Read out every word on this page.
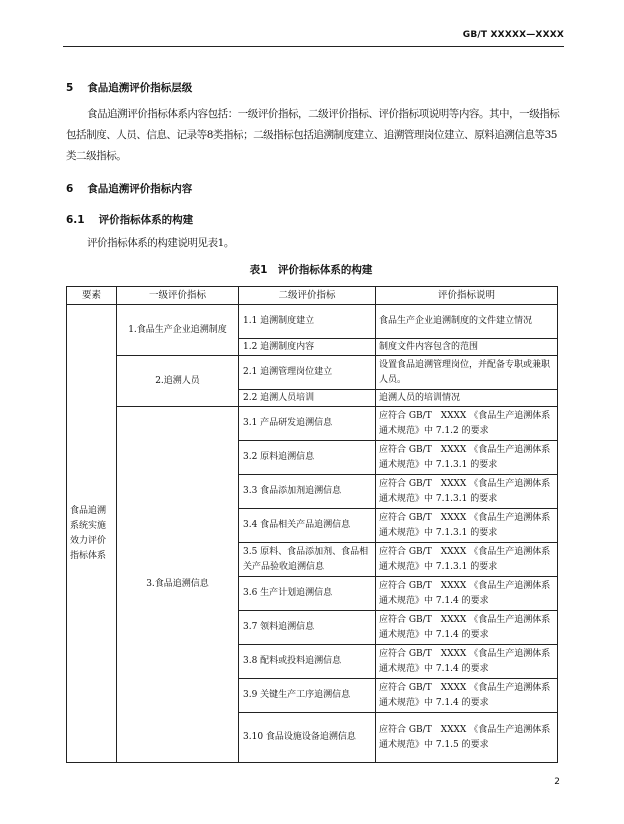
GB/T XXXXX—XXXX
5 食品追溯评价指标层级

食品追溯评价指标体系内容包括：一级评价指标，二级评价指标、评价指标项说明等内容。其中，一级指标包括制度、人员、信息、记录等8类指标；二级指标包括追溯制度建立、追溯管理岗位建立、原料追溯信息等35类二级指标。

6 食品追溯评价指标内容
6.1 评价指标体系的构建

评价指标体系的构建说明见表1。

表1　评价指标体系的构建
要素	一级评价指标	二级评价指标	评价指标说明
食品追溯系统实施效力评价指标体系	1.食品生产企业追溯制度	1.1 追溯制度建立	食品生产企业追溯制度的文件建立情况
		1.2 追溯制度内容	制度文件内容包含的范围
	2.追溯人员	2.1 追溯管理岗位建立	设置食品追溯管理岗位，并配备专职或兼职人员。
		2.2 追溯人员培训	追溯人员的培训情况
	3.食品追溯信息	3.1 产品研发追溯信息	应符合 GB/T　XXXX 《食品生产追溯体系通术规范》中 7.1.2 的要求
		3.2 原料追溯信息	应符合 GB/T　XXXX 《食品生产追溯体系通术规范》中 7.1.3.1 的要求
		3.3 食品添加剂追溯信息	应符合 GB/T　XXXX 《食品生产追溯体系通术规范》中 7.1.3.1 的要求
		3.4 食品相关产品追溯信息	应符合 GB/T　XXXX 《食品生产追溯体系通术规范》中 7.1.3.1 的要求
		3.5 原料、食品添加剂、食品相关产品验收追溯信息	应符合 GB/T　XXXX 《食品生产追溯体系通术规范》中 7.1.3.1 的要求
		3.6 生产计划追溯信息	应符合 GB/T　XXXX 《食品生产追溯体系通术规范》中 7.1.4 的要求
		3.7 领料追溯信息	应符合 GB/T　XXXX 《食品生产追溯体系通术规范》中 7.1.4 的要求
		3.8 配料或投料追溯信息	应符合 GB/T　XXXX 《食品生产追溯体系通术规范》中 7.1.4 的要求
		3.9 关键生产工序追溯信息	应符合 GB/T　XXXX 《食品生产追溯体系通术规范》中 7.1.4 的要求
		3.10 食品设施设备追溯信息	应符合 GB/T　XXXX 《食品生产追溯体系通术规范》中 7.1.5 的要求
2
